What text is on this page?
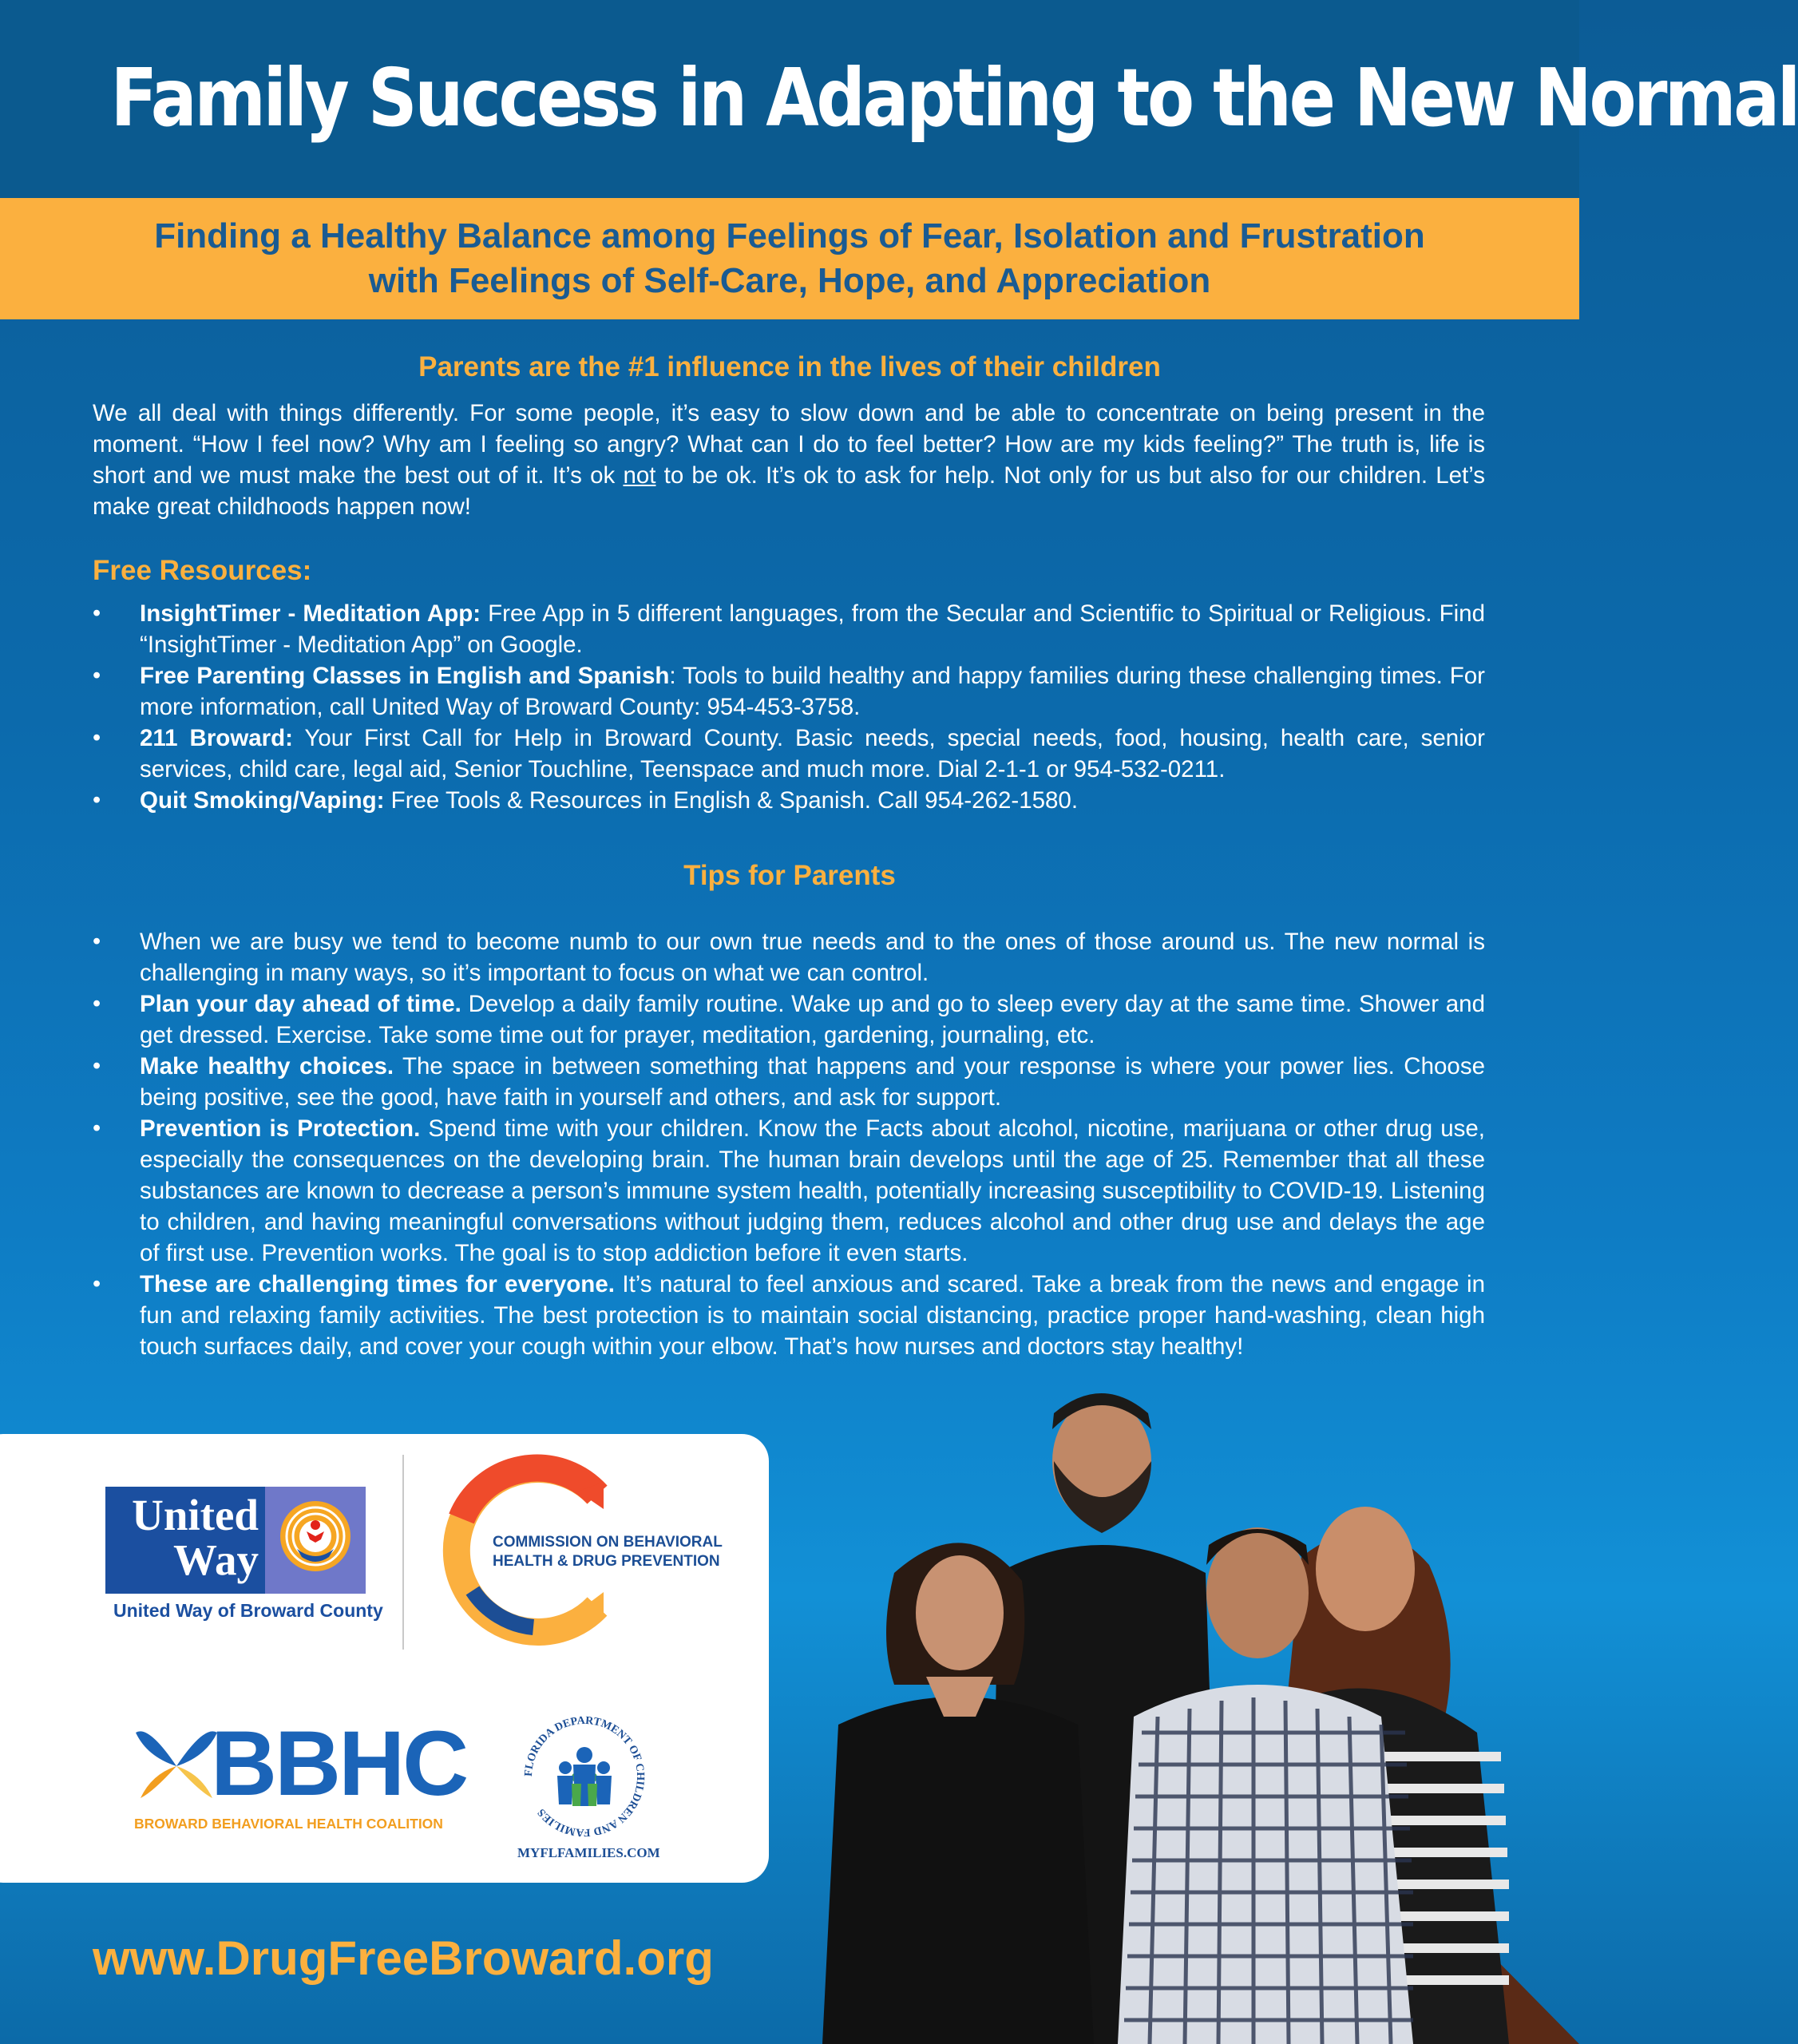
Family Success in Adapting to the New Normal
Finding a Healthy Balance among Feelings of Fear, Isolation and Frustration
with Feelings of Self-Care, Hope, and Appreciation
Parents are the #1 influence in the lives of their children
We all deal with things differently. For some people, it’s easy to slow down and be able to concentrate on being present in the moment. “How I feel now? Why am I feeling so angry? What can I do to feel better? How are my kids feeling?” The truth is, life is short and we must make the best out of it. It’s ok not to be ok. It’s ok to ask for help. Not only for us but also for our children. Let’s make great childhoods happen now!
Free Resources:
• InsightTimer - Meditation App: Free App in 5 different languages, from the Secular and Scientific to Spiritual or Religious. Find “InsightTimer - Meditation App” on Google.
• Free Parenting Classes in English and Spanish: Tools to build healthy and happy families during these challenging times. For more information, call United Way of Broward County: 954-453-3758.
• 211 Broward: Your First Call for Help in Broward County. Basic needs, special needs, food, housing, health care, senior services, child care, legal aid, Senior Touchline, Teenspace and much more. Dial 2-1-1 or 954-532-0211.
• Quit Smoking/Vaping: Free Tools & Resources in English & Spanish. Call 954-262-1580.
Tips for Parents
• When we are busy we tend to become numb to our own true needs and to the ones of those around us. The new normal is challenging in many ways, so it’s important to focus on what we can control.
• Plan your day ahead of time. Develop a daily family routine. Wake up and go to sleep every day at the same time. Shower and get dressed. Exercise. Take some time out for prayer, meditation, gardening, journaling, etc.
• Make healthy choices. The space in between something that happens and your response is where your power lies. Choose being positive, see the good, have faith in yourself and others, and ask for support.
• Prevention is Protection. Spend time with your children. Know the Facts about alcohol, nicotine, marijuana or other drug use, especially the consequences on the developing brain. The human brain develops until the age of 25. Remember that all these substances are known to decrease a person’s immune system health, potentially increasing susceptibility to COVID-19. Listening to children, and having meaningful conversations without judging them, reduces alcohol and other drug use and delays the age of first use. Prevention works. The goal is to stop addiction before it even starts.
• These are challenging times for everyone. It’s natural to feel anxious and scared. Take a break from the news and engage in fun and relaxing family activities. The best protection is to maintain social distancing, practice proper hand-washing, clean high touch surfaces daily, and cover your cough within your elbow. That’s how nurses and doctors stay healthy!
United
Way
United Way of Broward County
COMMISSION ON BEHAVIORAL
HEALTH & DRUG PREVENTION
BBHC
BROWARD BEHAVIORAL HEALTH COALITION
FLORIDA DEPARTMENT OF CHILDREN AND FAMILIES
MYFLFAMILIES.COM
www.DrugFreeBroward.org
